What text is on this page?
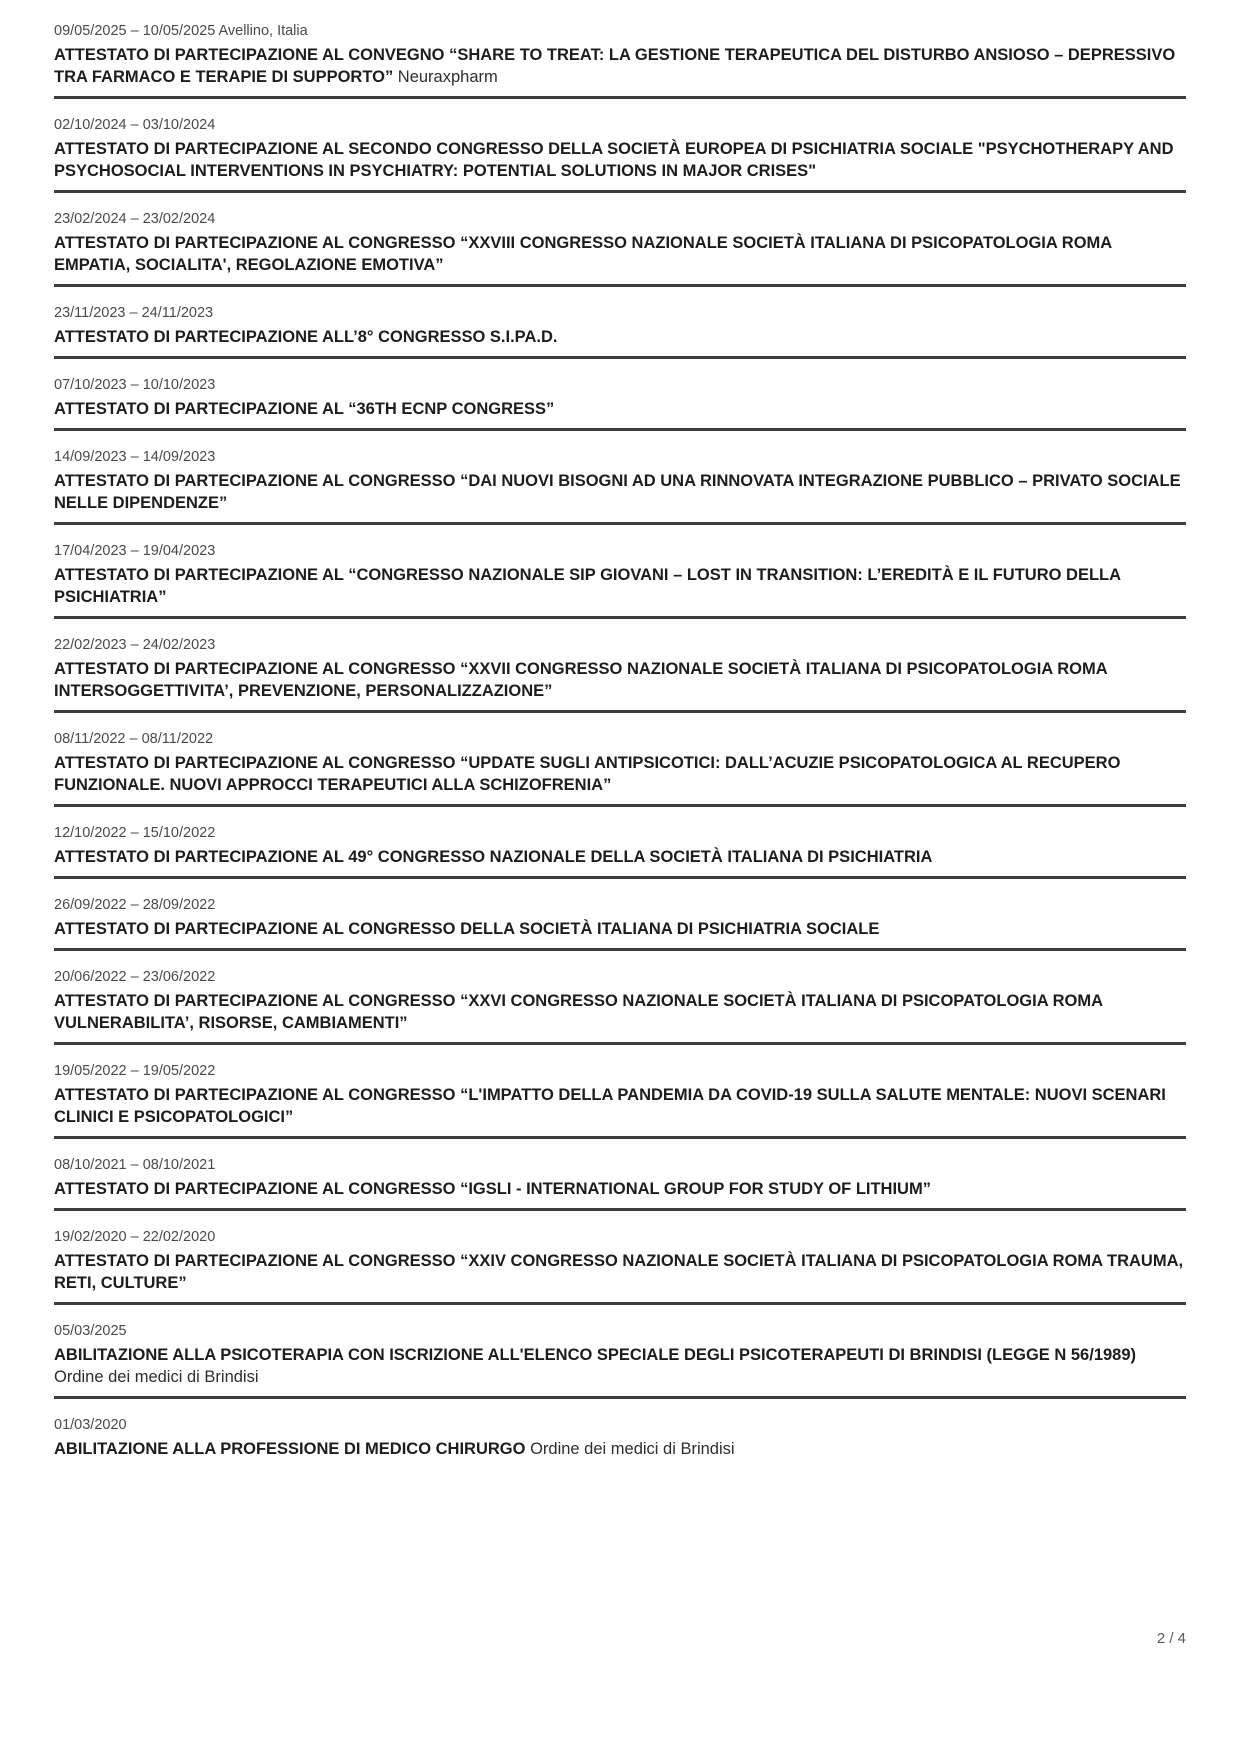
09/05/2025 – 10/05/2025 Avellino, Italia
ATTESTATO DI PARTECIPAZIONE AL CONVEGNO “SHARE TO TREAT: LA GESTIONE TERAPEUTICA DEL DISTURBO ANSIOSO – DEPRESSIVO TRA FARMACO E TERAPIE DI SUPPORTO” Neuraxpharm
02/10/2024 – 03/10/2024
ATTESTATO DI PARTECIPAZIONE AL SECONDO CONGRESSO DELLA SOCIETÀ EUROPEA DI PSICHIATRIA SOCIALE "PSYCHOTHERAPY AND PSYCHOSOCIAL INTERVENTIONS IN PSYCHIATRY: POTENTIAL SOLUTIONS IN MAJOR CRISES"
23/02/2024 – 23/02/2024
ATTESTATO DI PARTECIPAZIONE AL CONGRESSO “XXVIII CONGRESSO NAZIONALE SOCIETÀ ITALIANA DI PSICOPATOLOGIA ROMA EMPATIA, SOCIALITA', REGOLAZIONE EMOTIVA”
23/11/2023 – 24/11/2023
ATTESTATO DI PARTECIPAZIONE ALL’8° CONGRESSO S.I.PA.D.
07/10/2023 – 10/10/2023
ATTESTATO DI PARTECIPAZIONE AL “36TH ECNP CONGRESS”
14/09/2023 – 14/09/2023
ATTESTATO DI PARTECIPAZIONE AL CONGRESSO “DAI NUOVI BISOGNI AD UNA RINNOVATA INTEGRAZIONE PUBBLICO – PRIVATO SOCIALE NELLE DIPENDENZE”
17/04/2023 – 19/04/2023
ATTESTATO DI PARTECIPAZIONE AL “CONGRESSO NAZIONALE SIP GIOVANI – LOST IN TRANSITION: L’EREDITÀ E IL FUTURO DELLA PSICHIATRIA”
22/02/2023 – 24/02/2023
ATTESTATO DI PARTECIPAZIONE AL CONGRESSO “XXVII CONGRESSO NAZIONALE SOCIETÀ ITALIANA DI PSICOPATOLOGIA ROMA INTERSOGGETTIVITA’, PREVENZIONE, PERSONALIZZAZIONE”
08/11/2022 – 08/11/2022
ATTESTATO DI PARTECIPAZIONE AL CONGRESSO “UPDATE SUGLI ANTIPSICOTICI: DALL’ACUZIE PSICOPATOLOGICA AL RECUPERO FUNZIONALE. NUOVI APPROCCI TERAPEUTICI ALLA SCHIZOFRENIA”
12/10/2022 – 15/10/2022
ATTESTATO DI PARTECIPAZIONE AL 49° CONGRESSO NAZIONALE DELLA SOCIETÀ ITALIANA DI PSICHIATRIA
26/09/2022 – 28/09/2022
ATTESTATO DI PARTECIPAZIONE AL CONGRESSO DELLA SOCIETÀ ITALIANA DI PSICHIATRIA SOCIALE
20/06/2022 – 23/06/2022
ATTESTATO DI PARTECIPAZIONE AL CONGRESSO “XXVI CONGRESSO NAZIONALE SOCIETÀ ITALIANA DI PSICOPATOLOGIA ROMA VULNERABILITA’, RISORSE, CAMBIAMENTI”
19/05/2022 – 19/05/2022
ATTESTATO DI PARTECIPAZIONE AL CONGRESSO “L'IMPATTO DELLA PANDEMIA DA COVID-19 SULLA SALUTE MENTALE: NUOVI SCENARI CLINICI E PSICOPATOLOGICI”
08/10/2021 – 08/10/2021
ATTESTATO DI PARTECIPAZIONE AL CONGRESSO “IGSLI - INTERNATIONAL GROUP FOR STUDY OF LITHIUM”
19/02/2020 – 22/02/2020
ATTESTATO DI PARTECIPAZIONE AL CONGRESSO “XXIV CONGRESSO NAZIONALE SOCIETÀ ITALIANA DI PSICOPATOLOGIA ROMA TRAUMA, RETI, CULTURE”
05/03/2025
ABILITAZIONE ALLA PSICOTERAPIA CON ISCRIZIONE ALL'ELENCO SPECIALE DEGLI PSICOTERAPEUTI DI BRINDISI (LEGGE N 56/1989) Ordine dei medici di Brindisi
01/03/2020
ABILITAZIONE ALLA PROFESSIONE DI MEDICO CHIRURGO Ordine dei medici di Brindisi
2 / 4
